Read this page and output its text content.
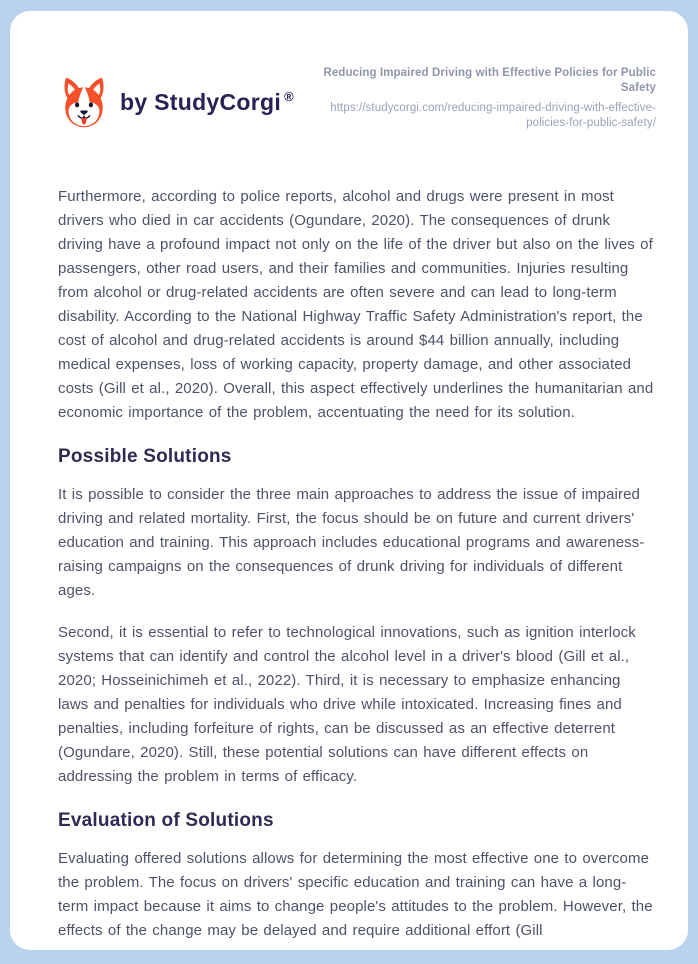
by StudyCorgi ®
Reducing Impaired Driving with Effective Policies for Public Safety
https://studycorgi.com/reducing-impaired-driving-with-effective-policies-for-public-safety/

Furthermore, according to police reports, alcohol and drugs were present in most drivers who died in car accidents (Ogundare, 2020). The consequences of drunk driving have a profound impact not only on the life of the driver but also on the lives of passengers, other road users, and their families and communities. Injuries resulting from alcohol or drug-related accidents are often severe and can lead to long-term disability. According to the National Highway Traffic Safety Administration's report, the cost of alcohol and drug-related accidents is around $44 billion annually, including medical expenses, loss of working capacity, property damage, and other associated costs (Gill et al., 2020). Overall, this aspect effectively underlines the humanitarian and economic importance of the problem, accentuating the need for its solution.

Possible Solutions

It is possible to consider the three main approaches to address the issue of impaired driving and related mortality. First, the focus should be on future and current drivers' education and training. This approach includes educational programs and awareness-raising campaigns on the consequences of drunk driving for individuals of different ages.

Second, it is essential to refer to technological innovations, such as ignition interlock systems that can identify and control the alcohol level in a driver's blood (Gill et al., 2020; Hosseinichimeh et al., 2022). Third, it is necessary to emphasize enhancing laws and penalties for individuals who drive while intoxicated. Increasing fines and penalties, including forfeiture of rights, can be discussed as an effective deterrent (Ogundare, 2020). Still, these potential solutions can have different effects on addressing the problem in terms of efficacy.

Evaluation of Solutions

Evaluating offered solutions allows for determining the most effective one to overcome the problem. The focus on drivers' specific education and training can have a long-term impact because it aims to change people's attitudes to the problem. However, the effects of the change may be delayed and require additional effort (Gill
